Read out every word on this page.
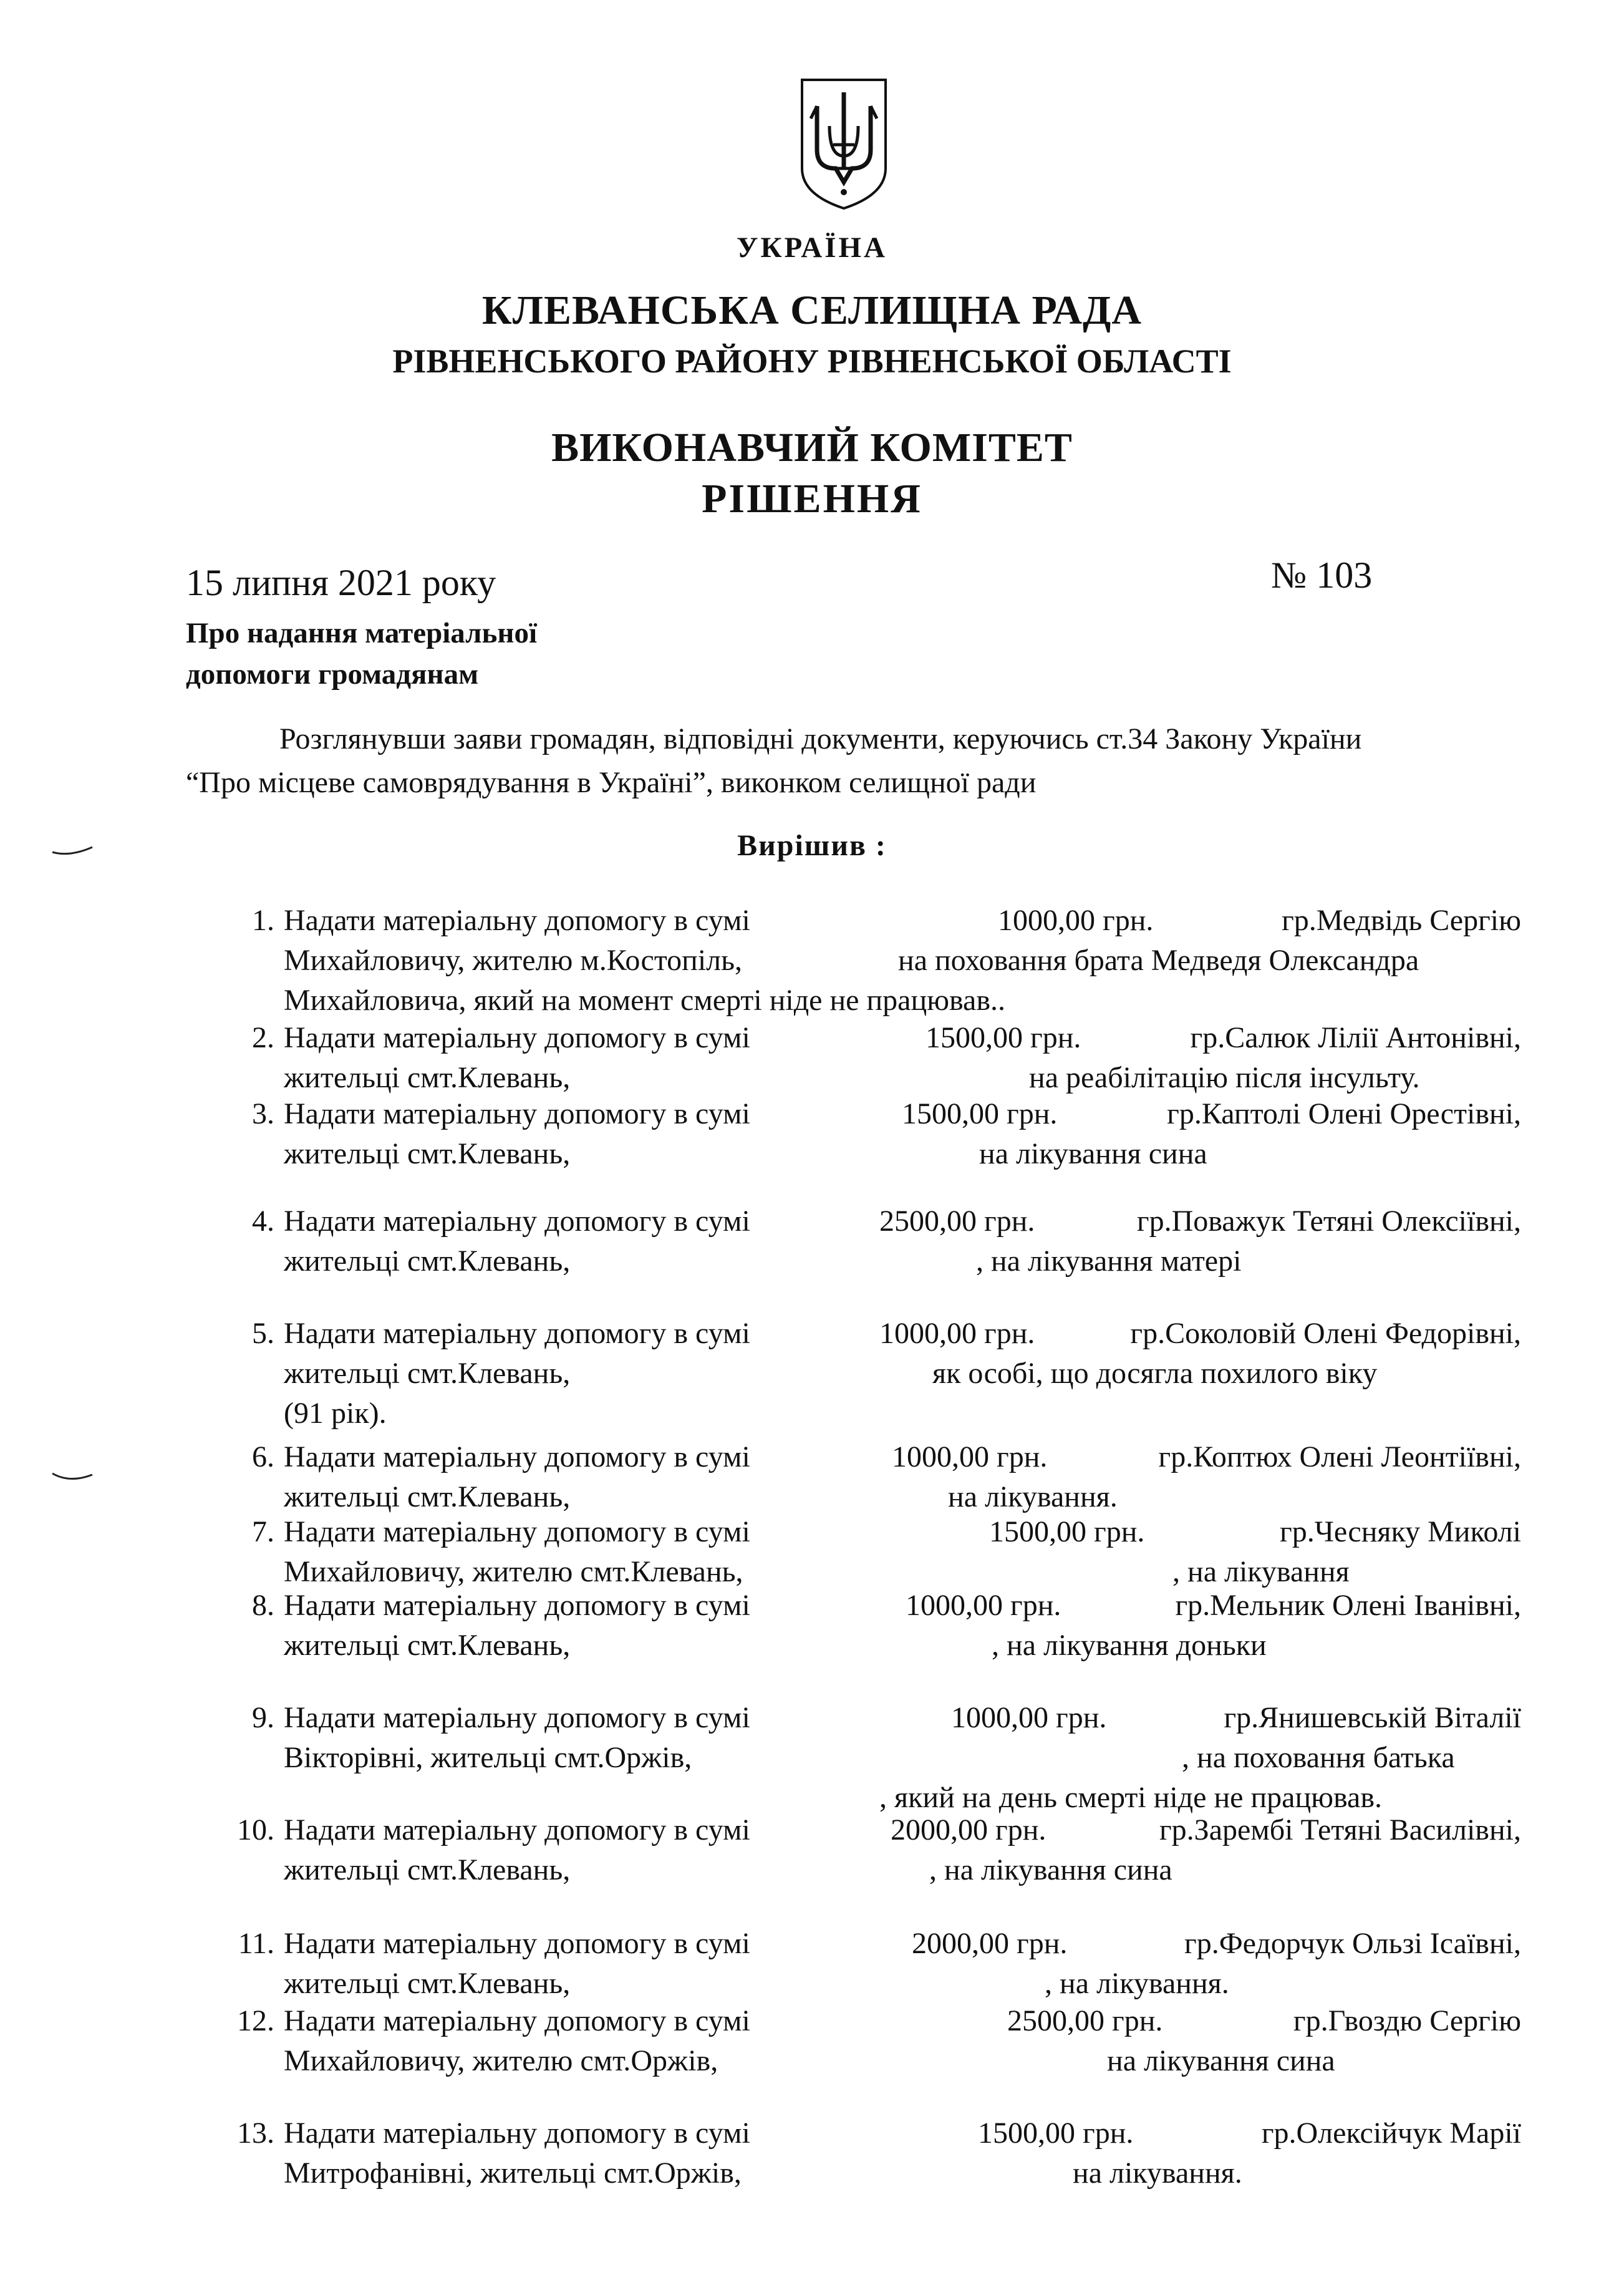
УКРАЇНА
КЛЕВАНСЬКА СЕЛИЩНА РАДА
РІВНЕНСЬКОГО РАЙОНУ РІВНЕНСЬКОЇ ОБЛАСТІ
ВИКОНАВЧИЙ КОМІТЕТ
РІШЕННЯ
15 липня 2021 року	№ 103
Про надання матеріальної
допомоги громадянам
Розглянувши заяви громадян, відповідні документи, керуючись ст.34 Закону України
“Про місцеве самоврядування в Україні”, виконком селищної ради
Вирішив :
1. Надати матеріальну допомогу в сумі	1000,00 грн.	гр.Медвідь Сергію
Михайловичу, жителю м.Костопіль,	на поховання брата Медведя Олександра
Михайловича, який на момент смерті ніде не працював..
2. Надати матеріальну допомогу в сумі	1500,00 грн.	гр.Салюк Лілії Антонівні,
жительці смт.Клевань,	на реабілітацію після інсульту.
3. Надати матеріальну допомогу в сумі	1500,00 грн.	гр.Каптолі Олені Орестівні,
жительці смт.Клевань,	на лікування сина
4. Надати матеріальну допомогу в сумі	2500,00 грн.	гр.Поважук Тетяні Олексіївні,
жительці смт.Клевань,	, на лікування матері
5. Надати матеріальну допомогу в сумі	1000,00 грн.	гр.Соколовій Олені Федорівні,
жительці смт.Клевань,	як особі, що досягла похилого віку
(91 рік).
6. Надати матеріальну допомогу в сумі	1000,00 грн.	гр.Коптюх Олені Леонтіївні,
жительці смт.Клевань,	на лікування.
7. Надати матеріальну допомогу в сумі	1500,00 грн.	гр.Чесняку Миколі
Михайловичу, жителю смт.Клевань,	, на лікування
8. Надати матеріальну допомогу в сумі	1000,00 грн.	гр.Мельник Олені Іванівні,
жительці смт.Клевань,	, на лікування доньки
9. Надати матеріальну допомогу в сумі	1000,00 грн.	гр.Янишевській Віталії
Вікторівні, жительці смт.Оржів,	, на поховання батька
, який на день смерті ніде не працював.
10. Надати матеріальну допомогу в сумі	2000,00 грн.	гр.Зарембі Тетяні Василівні,
жительці смт.Клевань,	, на лікування сина
11. Надати матеріальну допомогу в сумі	2000,00 грн.	гр.Федорчук Ользі Ісаївні,
жительці смт.Клевань,	, на лікування.
12. Надати матеріальну допомогу в сумі	2500,00 грн.	гр.Гвоздю Сергію
Михайловичу, жителю смт.Оржів,	на лікування сина
13. Надати матеріальну допомогу в сумі	1500,00 грн.	гр.Олексійчук Марії
Митрофанівні, жительці смт.Оржів,	на лікування.
